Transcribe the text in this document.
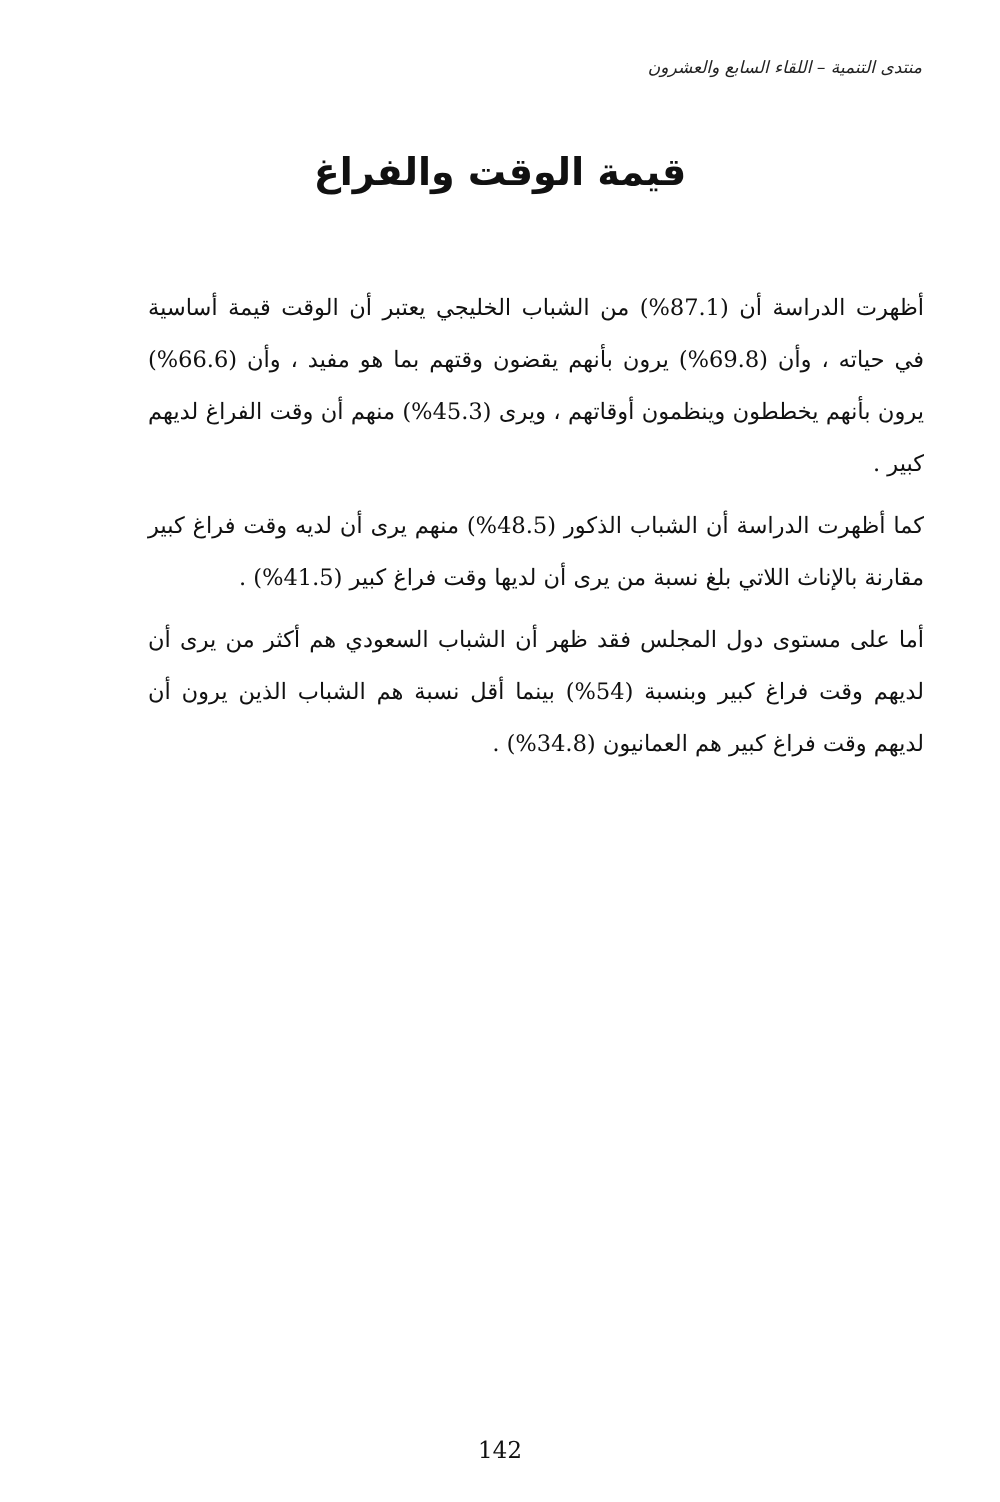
منتدى التنمية – اللقاء السابع والعشرون
قيمة الوقت والفراغ

أظهرت الدراسة أن (87.1%) من الشباب الخليجي يعتبر أن الوقت قيمة أساسية في حياته ، وأن (69.8%) يرون بأنهم يقضون وقتهم بما هو مفيد ، وأن (66.6%) يرون بأنهم يخططون وينظمون أوقاتهم ، ويرى (45.3%) منهم أن وقت الفراغ لديهم كبير .

كما أظهرت الدراسة أن الشباب الذكور (48.5%) منهم يرى أن لديه وقت فراغ كبير مقارنة بالإناث اللاتي بلغ نسبة من يرى أن لديها وقت فراغ كبير (41.5%) .

أما على مستوى دول المجلس فقد ظهر أن الشباب السعودي هم أكثر من يرى أن لديهم وقت فراغ كبير وبنسبة (54%) بينما أقل نسبة هم الشباب الذين يرون أن لديهم وقت فراغ كبير هم العمانيون (34.8%) .

142
